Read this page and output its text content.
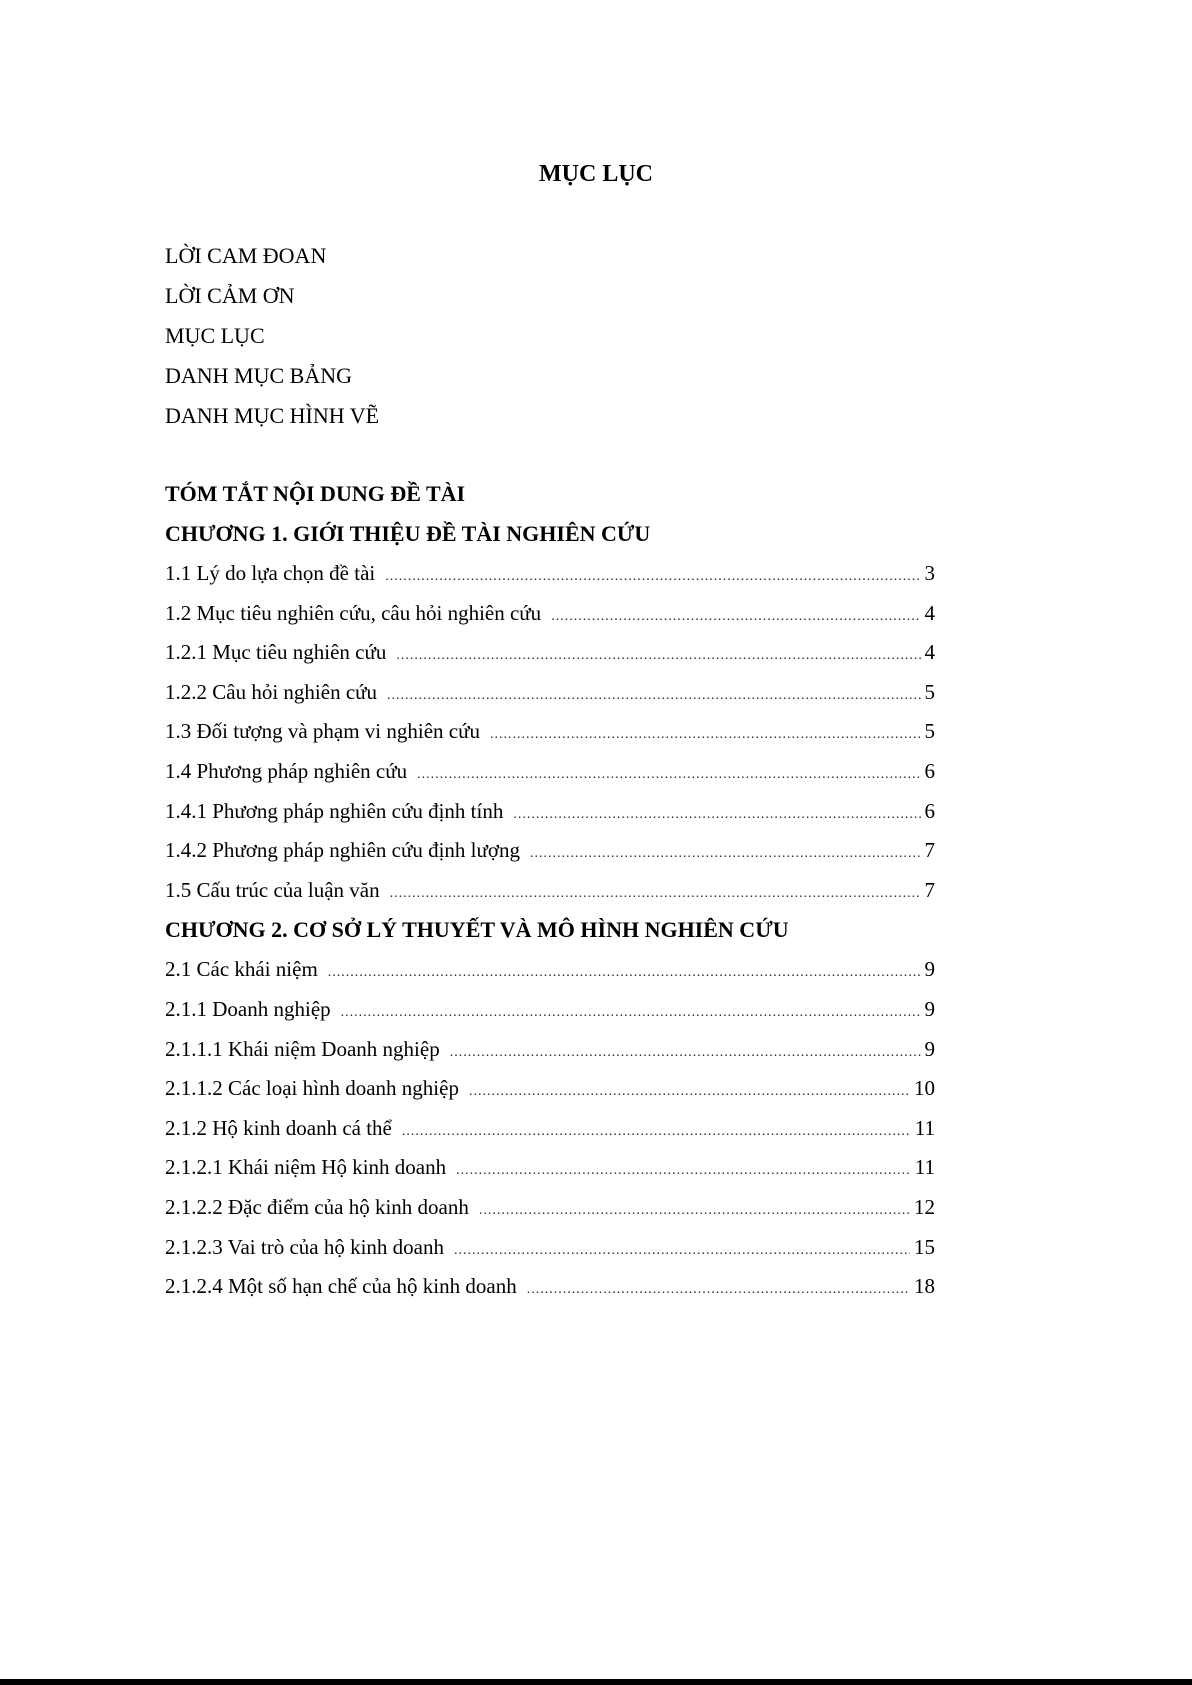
MỤC LỤC
LỜI CAM ĐOAN
LỜI CẢM ƠN
MỤC LỤC
DANH MỤC BẢNG
DANH MỤC HÌNH VẼ
TÓM TẮT NỘI DUNG ĐỀ TÀI
CHƯƠNG 1. GIỚI THIỆU ĐỀ TÀI NGHIÊN CỨU
1.1 Lý do lựa chọn đề tài .....	3
1.2 Mục tiêu nghiên cứu, câu hỏi nghiên cứu .....	4
1.2.1 Mục tiêu nghiên cứu .....	4
1.2.2 Câu hỏi nghiên cứu .....	5
1.3 Đối tượng và phạm vi nghiên cứu .....	5
1.4 Phương pháp nghiên cứu .....	6
1.4.1 Phương pháp nghiên cứu định tính .....	6
1.4.2 Phương pháp nghiên cứu định lượng .....	7
1.5 Cấu trúc của luận văn .....	7
CHƯƠNG 2. CƠ SỞ LÝ THUYẾT VÀ MÔ HÌNH NGHIÊN CỨU
2.1 Các khái niệm .....	9
2.1.1 Doanh nghiệp .....	9
2.1.1.1 Khái niệm Doanh nghiệp .....	9
2.1.1.2 Các loại hình doanh nghiệp .....	10
2.1.2 Hộ kinh doanh cá thể .....	11
2.1.2.1 Khái niệm Hộ kinh doanh .....	11
2.1.2.2 Đặc điểm của hộ kinh doanh .....	12
2.1.2.3 Vai trò của hộ kinh doanh .....	15
2.1.2.4 Một số hạn chế của hộ kinh doanh .....	18
